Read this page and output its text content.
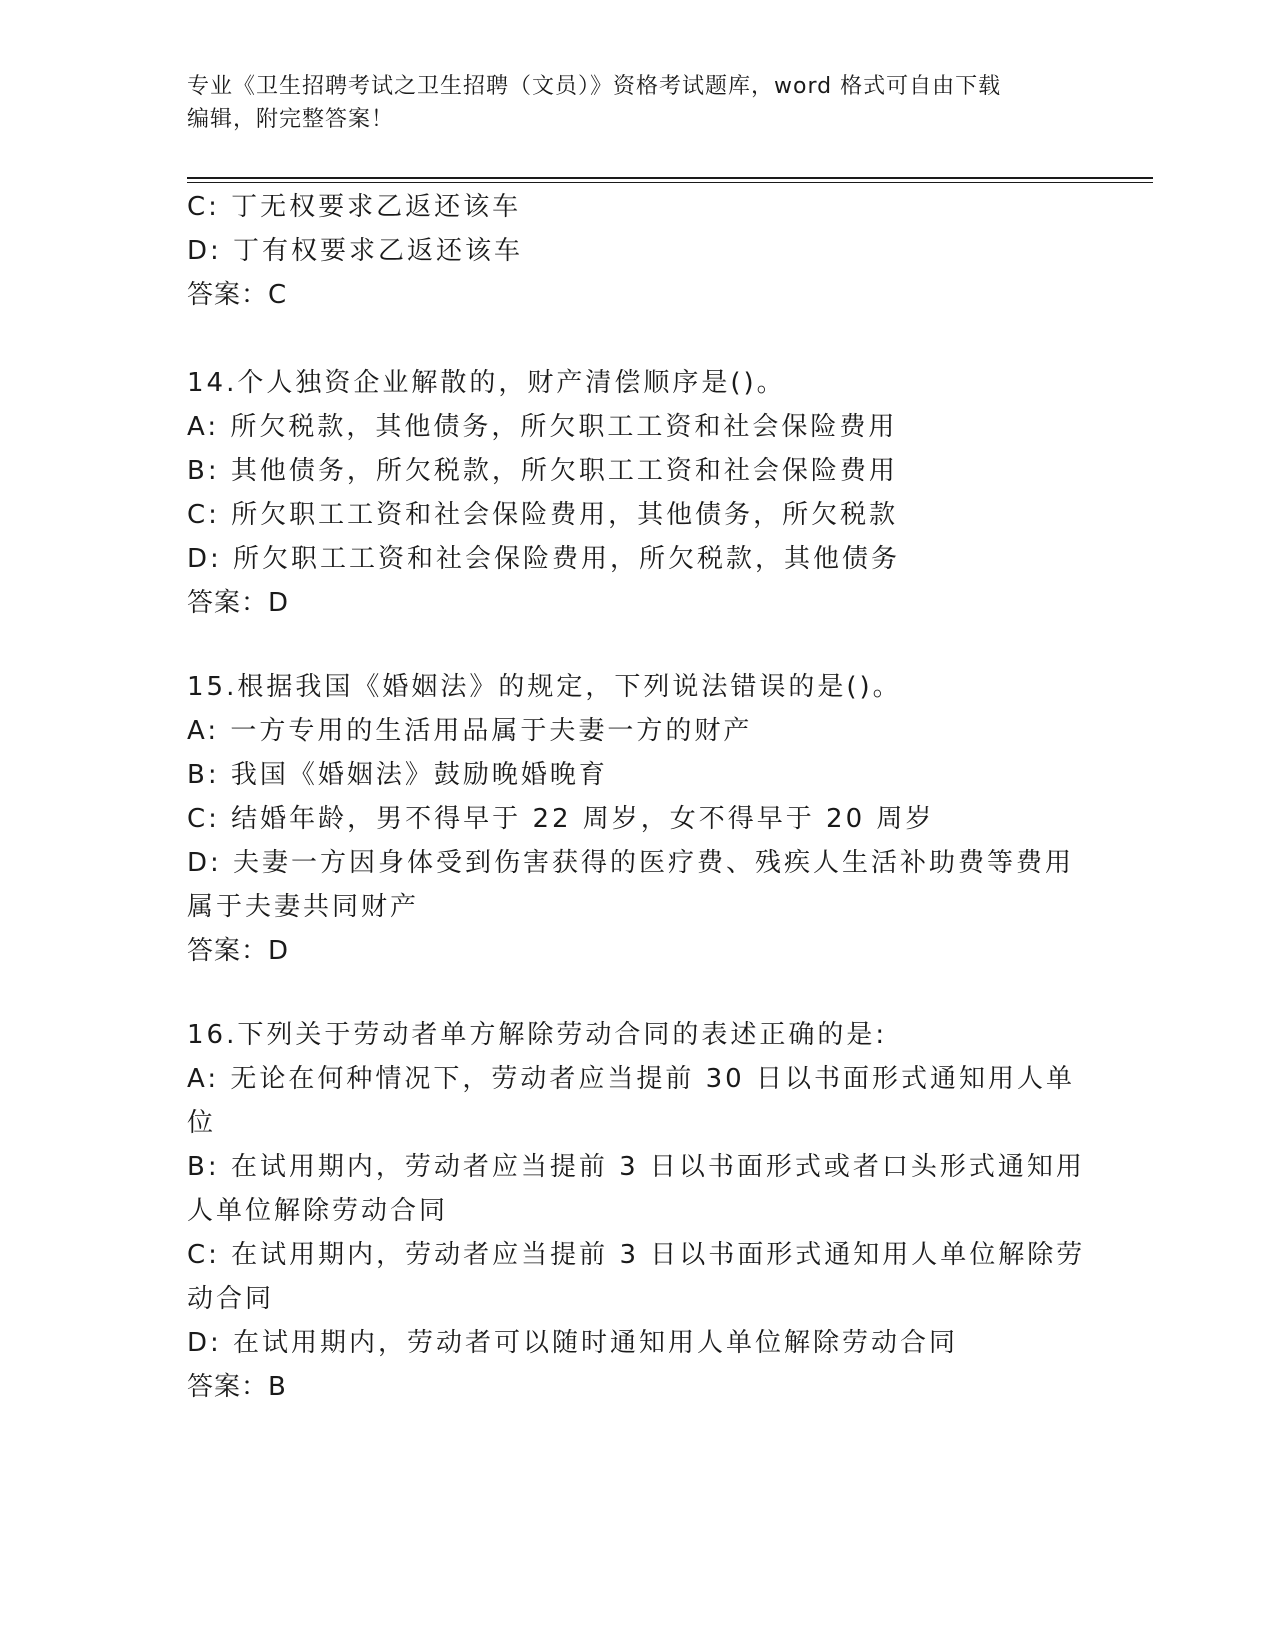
专业《卫生招聘考试之卫生招聘（文员）》资格考试题库，word 格式可自由下载
编辑，附完整答案！
C: 丁无权要求乙返还该车
D: 丁有权要求乙返还该车
答案：C
14.个人独资企业解散的，财产清偿顺序是()。
A: 所欠税款，其他债务，所欠职工工资和社会保险费用
B: 其他债务，所欠税款，所欠职工工资和社会保险费用
C: 所欠职工工资和社会保险费用，其他债务，所欠税款
D: 所欠职工工资和社会保险费用，所欠税款，其他债务
答案：D
15.根据我国《婚姻法》的规定，下列说法错误的是()。
A: 一方专用的生活用品属于夫妻一方的财产
B: 我国《婚姻法》鼓励晚婚晚育
C: 结婚年龄，男不得早于 22 周岁，女不得早于 20 周岁
D: 夫妻一方因身体受到伤害获得的医疗费、残疾人生活补助费等费用
属于夫妻共同财产
答案：D
16.下列关于劳动者单方解除劳动合同的表述正确的是:
A: 无论在何种情况下，劳动者应当提前 30 日以书面形式通知用人单
位
B: 在试用期内，劳动者应当提前 3 日以书面形式或者口头形式通知用
人单位解除劳动合同
C: 在试用期内，劳动者应当提前 3 日以书面形式通知用人单位解除劳
动合同
D: 在试用期内，劳动者可以随时通知用人单位解除劳动合同
答案：B
